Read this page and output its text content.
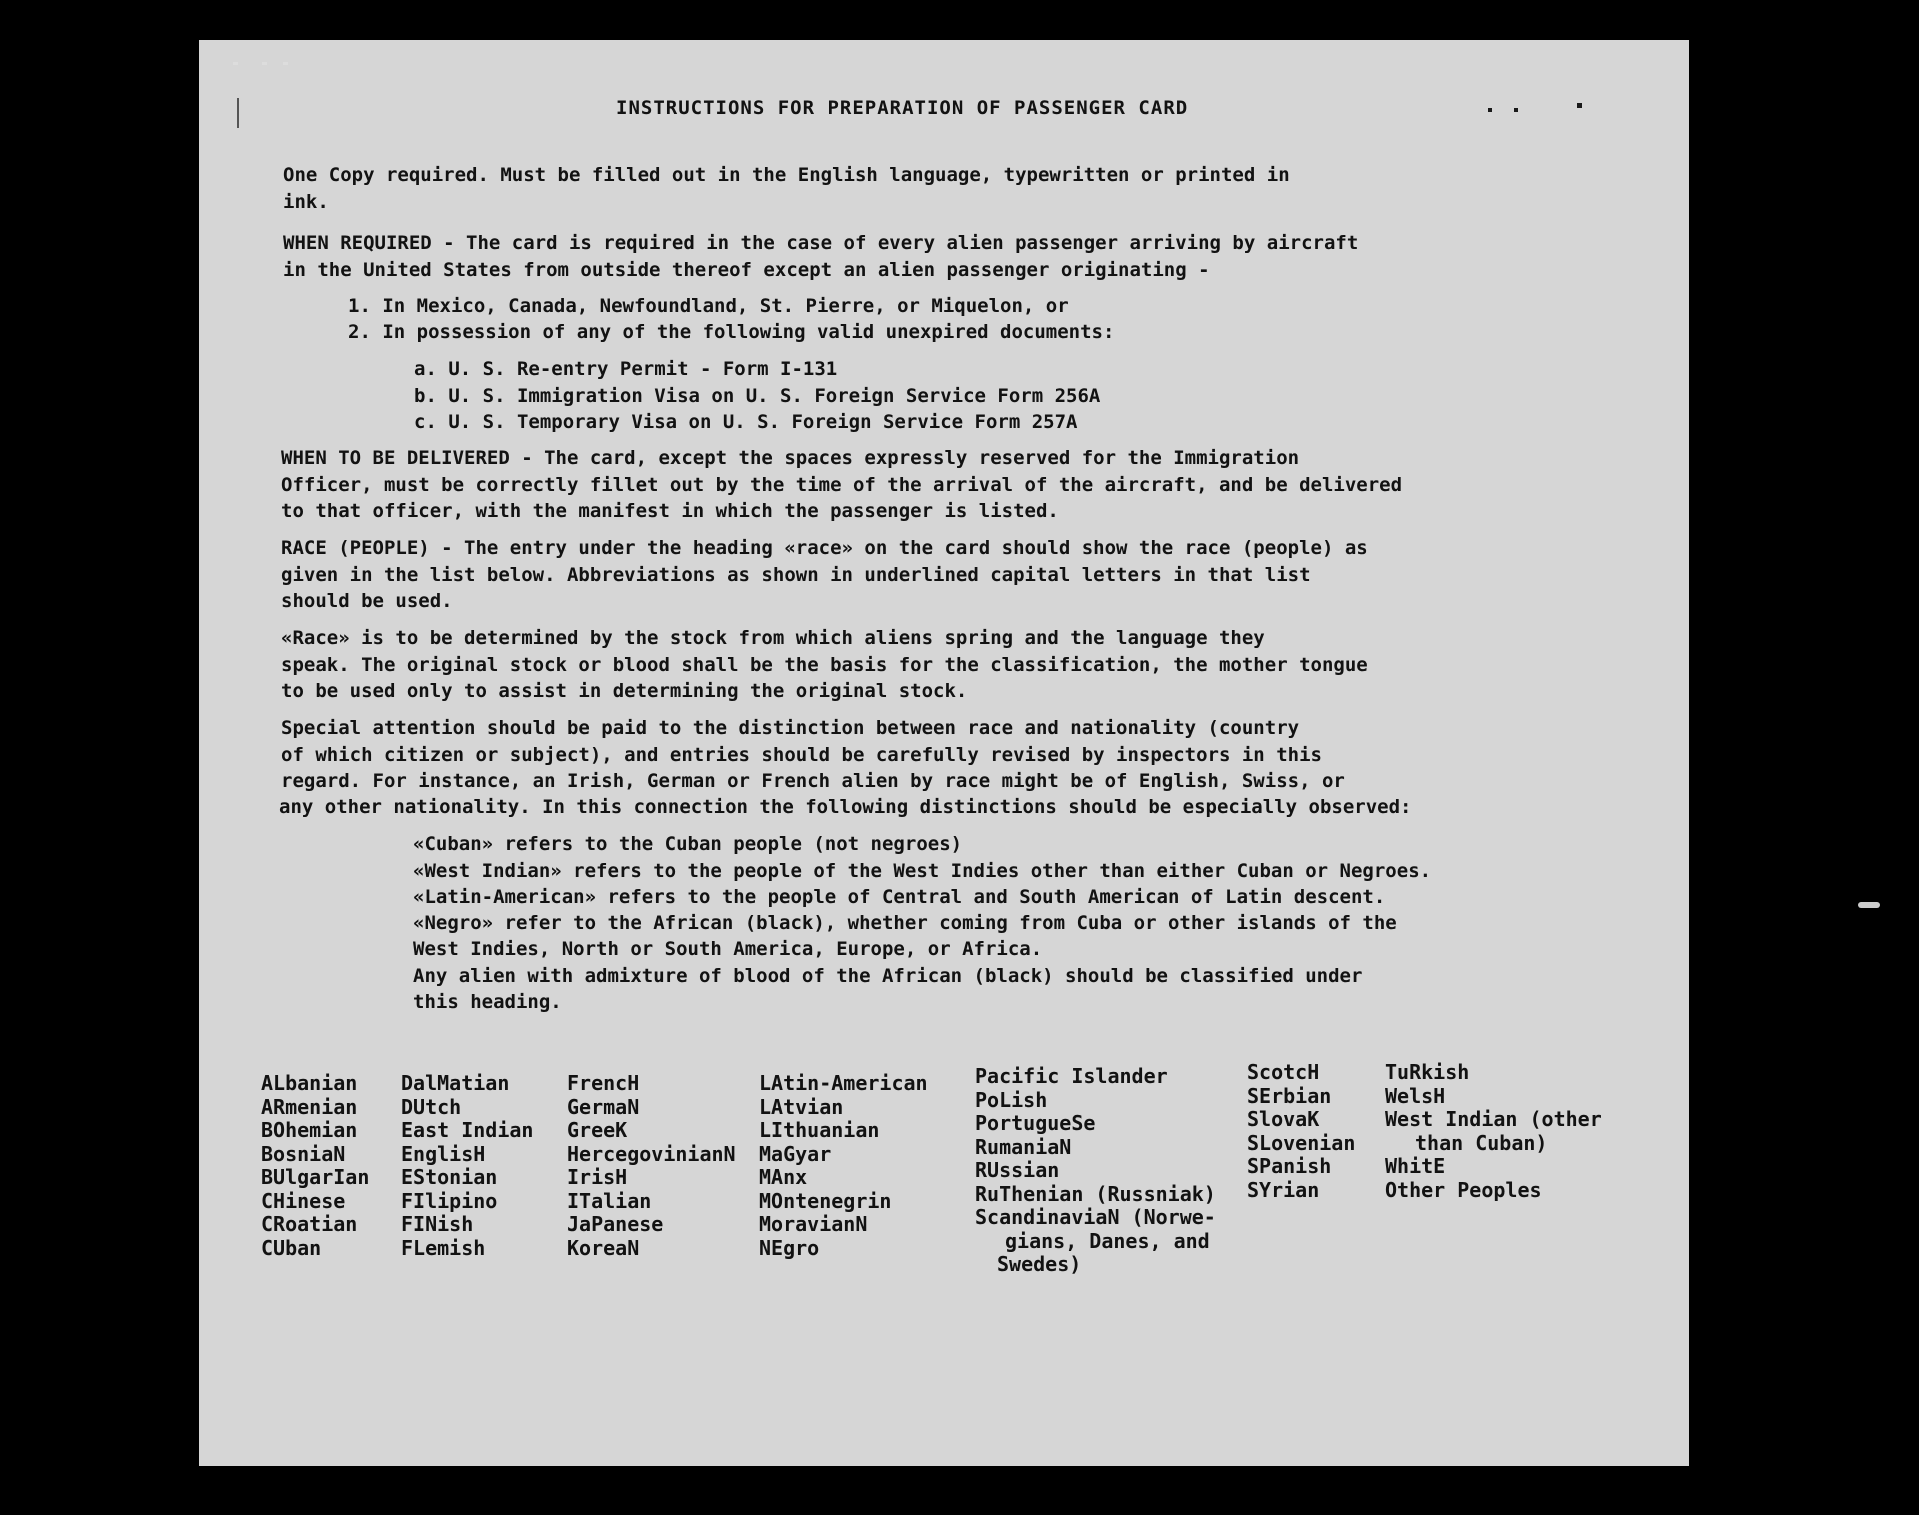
INSTRUCTIONS FOR PREPARATION OF PASSENGER CARD
One Copy required. Must be filled out in the English language, typewritten or printed in
ink.
WHEN REQUIRED - The card is required in the case of every alien passenger arriving by aircraft
in the United States from outside thereof except an alien passenger originating -
1. In Mexico, Canada, Newfoundland, St. Pierre, or Miquelon, or
2. In possession of any of the following valid unexpired documents:
a. U. S. Re-entry Permit - Form I-131
b. U. S. Immigration Visa on U. S. Foreign Service Form 256A
c. U. S. Temporary Visa on U. S. Foreign Service Form 257A
WHEN TO BE DELIVERED - The card, except the spaces expressly reserved for the Immigration
Officer, must be correctly fillet out by the time of the arrival of the aircraft, and be delivered
to that officer, with the manifest in which the passenger is listed.
RACE (PEOPLE) - The entry under the heading «race» on the card should show the race (people) as
given in the list below. Abbreviations as shown in underlined capital letters in that list
should be used.
«Race» is to be determined by the stock from which aliens spring and the language they
speak. The original stock or blood shall be the basis for the classification, the mother tongue
to be used only to assist in determining the original stock.
Special attention should be paid to the distinction between race and nationality (country
of which citizen or subject), and entries should be carefully revised by inspectors in this
regard. For instance, an Irish, German or French alien by race might be of English, Swiss, or
any other nationality. In this connection the following distinctions should be especially observed:
«Cuban» refers to the Cuban people (not negroes)
«West Indian» refers to the people of the West Indies other than either Cuban or Negroes.
«Latin-American» refers to the people of Central and South American of Latin descent.
«Negro» refer to the African (black), whether coming from Cuba or other islands of the
West Indies, North or South America, Europe, or Africa.
Any alien with admixture of blood of the African (black) should be classified under
this heading.
ALbanian
ARmenian
BOhemian
BosniaN
BUlgarIan
CHinese
CRoatian
CUban
DalMatian
DUtch
East Indian
EnglisH
EStonian
FIlipino
FINish
FLemish
FrencH
GermaN
GreeK
HercegovinianN
IrisH
ITalian
JaPanese
KoreaN
LAtin-American
LAtvian
LIthuanian
MaGyar
MAnx
MOntenegrin
MoravianN
NEgro
Pacific Islander
PoLish
PortugueSe
RumaniaN
RUssian
RuThenian (Russniak)
ScandinaviaN (Norwe-
gians, Danes, and
Swedes)
ScotcH
SErbian
SlovaK
SLovenian
SPanish
SYrian
TuRkish
WelsH
West Indian (other
than Cuban)
WhitE
Other Peoples
